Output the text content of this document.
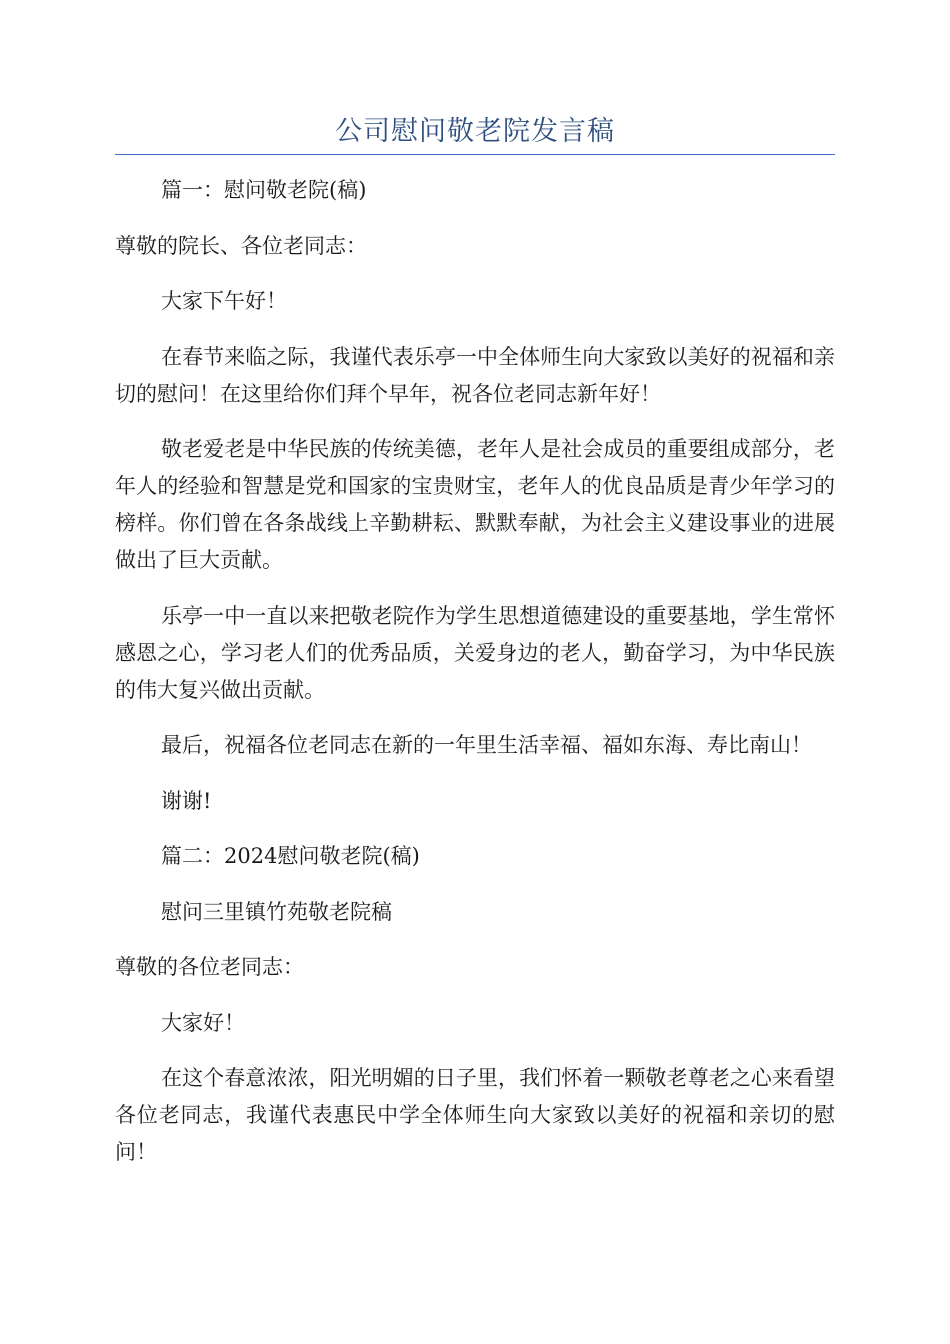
公司慰问敬老院发言稿

篇一：慰问敬老院(稿)

尊敬的院长、各位老同志：

大家下午好！

在春节来临之际，我谨代表乐亭一中全体师生向大家致以美好的祝福和亲切的慰问！在这里给你们拜个早年，祝各位老同志新年好！

敬老爱老是中华民族的传统美德，老年人是社会成员的重要组成部分，老年人的经验和智慧是党和国家的宝贵财宝，老年人的优良品质是青少年学习的榜样。你们曾在各条战线上辛勤耕耘、默默奉献，为社会主义建设事业的进展做出了巨大贡献。

乐亭一中一直以来把敬老院作为学生思想道德建设的重要基地，学生常怀感恩之心，学习老人们的优秀品质，关爱身边的老人，勤奋学习，为中华民族的伟大复兴做出贡献。

最后，祝福各位老同志在新的一年里生活幸福、福如东海、寿比南山！

谢谢!

篇二：2024慰问敬老院(稿)

慰问三里镇竹苑敬老院稿

尊敬的各位老同志：

大家好！

在这个春意浓浓，阳光明媚的日子里，我们怀着一颗敬老尊老之心来看望各位老同志，我谨代表惠民中学全体师生向大家致以美好的祝福和亲切的慰问！
